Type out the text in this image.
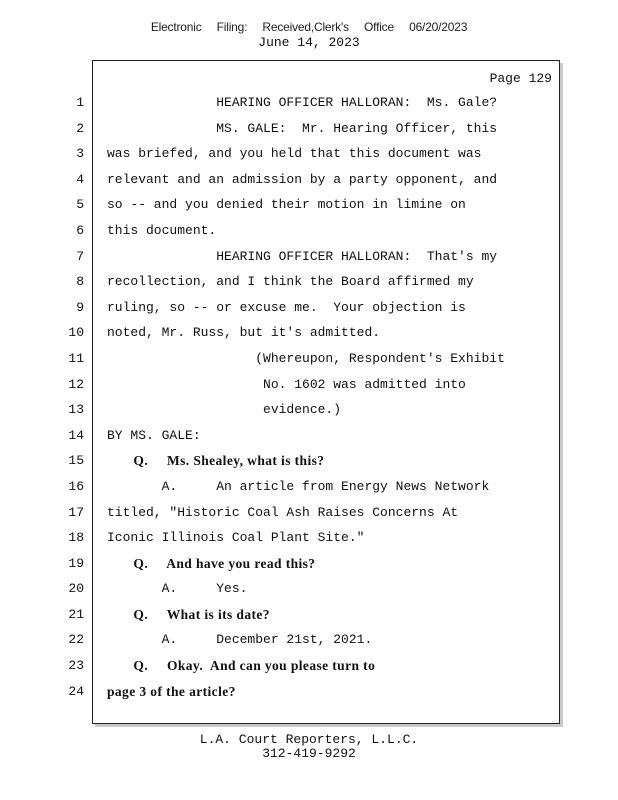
Electronic Filing: Received,Clerk's Office 06/20/2023
June 14, 2023
Page 129
1
2
3
4
5
6
7
8
9
10
11
12
13
14
15
16
17
18
19
20
21
22
23
24
HEARING OFFICER HALLORAN:  Ms. Gale?
MS. GALE:  Mr. Hearing Officer, this
was briefed, and you held that this document was
relevant and an admission by a party opponent, and
so -- and you denied their motion in limine on
this document.
HEARING OFFICER HALLORAN:  That's my
recollection, and I think the Board affirmed my
ruling, so -- or excuse me.  Your objection is
noted, Mr. Russ, but it's admitted.
(Whereupon, Respondent's Exhibit
No. 1602 was admitted into
evidence.)
BY MS. GALE:
Q.     Ms. Shealey, what is this?
A.     An article from Energy News Network
titled, "Historic Coal Ash Raises Concerns At
Iconic Illinois Coal Plant Site."
Q.     And have you read this?
A.     Yes.
Q.     What is its date?
A.     December 21st, 2021.
Q.     Okay.  And can you please turn to
page 3 of the article?
L.A. Court Reporters, L.L.C.
312-419-9292
